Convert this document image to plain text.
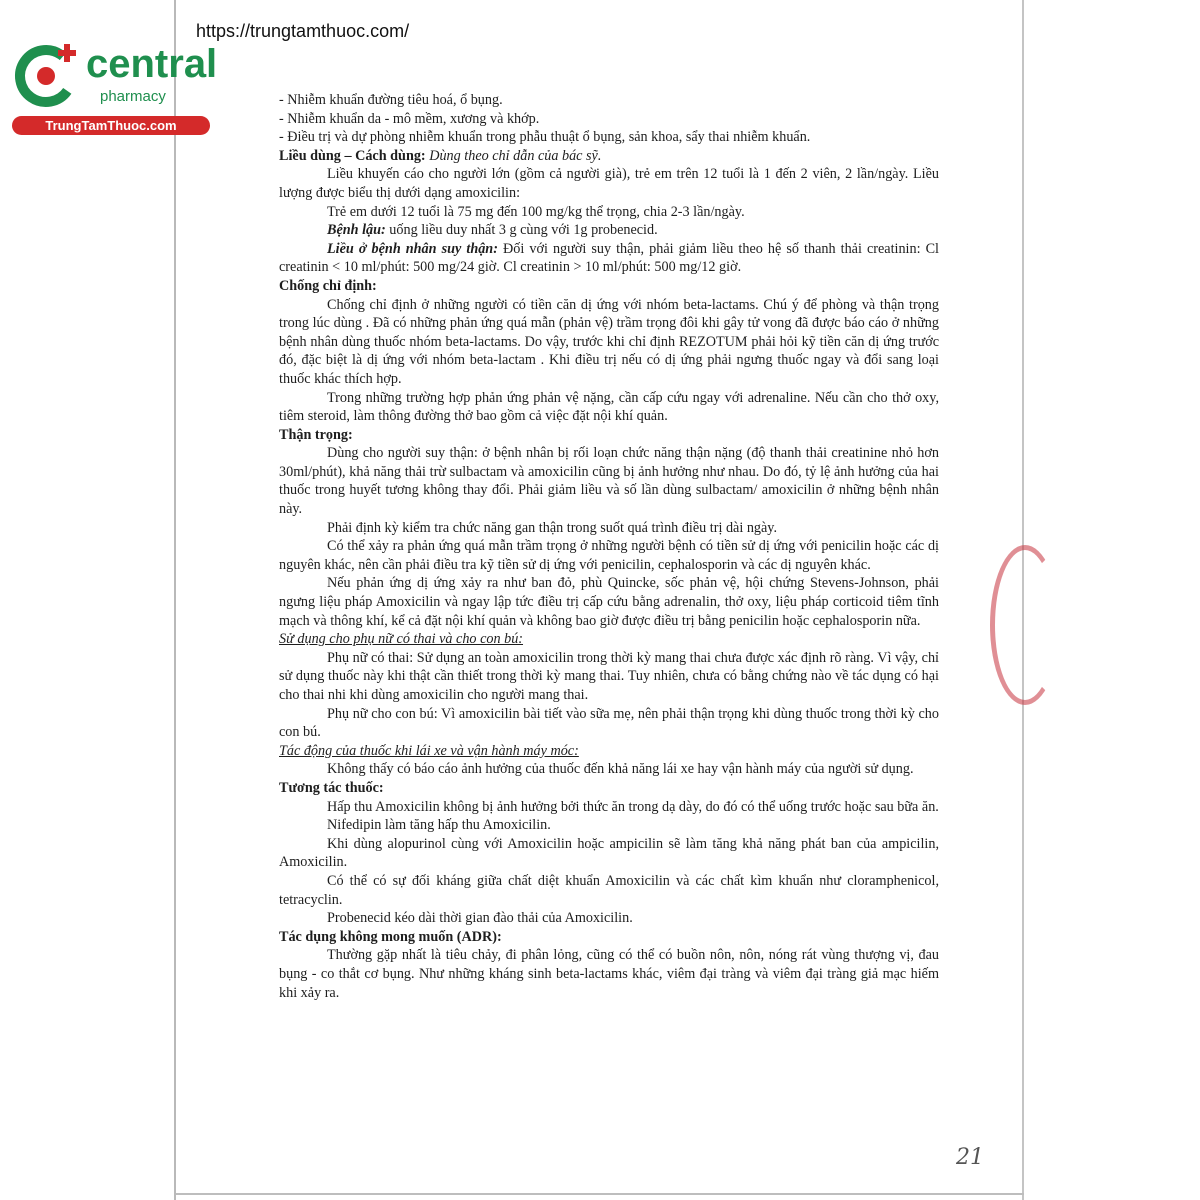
https://trungtamthuoc.com/
central
pharmacy
TrungTamThuoc.com

- Nhiễm khuẩn đường tiêu hoá, ổ bụng.

- Nhiễm khuẩn da - mô mềm, xương và khớp.

- Điều trị và dự phòng nhiễm khuẩn trong phẫu thuật ổ bụng, sản khoa, sẩy thai nhiễm khuẩn.

Liều dùng – Cách dùng: Dùng theo chỉ dẫn của bác sỹ.

Liều khuyến cáo cho người lớn (gồm cả người già), trẻ em trên 12 tuổi là 1 đến 2 viên, 2 lần/ngày. Liều lượng được biểu thị dưới dạng amoxicilin:

Trẻ em dưới 12 tuổi là 75 mg đến 100 mg/kg thể trọng, chia 2-3 lần/ngày.

Bệnh lậu: uống liều duy nhất 3 g cùng với 1g probenecid.

Liều ở bệnh nhân suy thận: Đối với người suy thận, phải giảm liều theo hệ số thanh thải creatinin: Cl creatinin < 10 ml/phút: 500 mg/24 giờ. Cl creatinin > 10 ml/phút: 500 mg/12 giờ.

Chống chỉ định:

Chống chỉ định ở những người có tiền căn dị ứng với nhóm beta-lactams. Chú ý để phòng và thận trọng trong lúc dùng . Đã có những phản ứng quá mẫn (phản vệ) trầm trọng đôi khi gây tử vong đã được báo cáo ở những bệnh nhân dùng thuốc nhóm beta-lactams. Do vậy, trước khi chỉ định REZOTUM phải hỏi kỹ tiền căn dị ứng trước đó, đặc biệt là dị ứng với nhóm beta-lactam . Khi điều trị nếu có dị ứng phải ngưng thuốc ngay và đổi sang loại thuốc khác thích hợp.

Trong những trường hợp phản ứng phản vệ nặng, cần cấp cứu ngay với adrenaline. Nếu cần cho thở oxy, tiêm steroid, làm thông đường thở bao gồm cả việc đặt nội khí quản.

Thận trọng:

Dùng cho người suy thận: ở bệnh nhân bị rối loạn chức năng thận nặng (độ thanh thải creatinine nhỏ hơn 30ml/phút), khả năng thải trừ sulbactam và amoxicilin cũng bị ảnh hưởng như nhau. Do đó, tỷ lệ ảnh hưởng của hai thuốc trong huyết tương không thay đổi. Phải giảm liều và số lần dùng sulbactam/ amoxicilin ở những bệnh nhân này.

Phải định kỳ kiểm tra chức năng gan thận trong suốt quá trình điều trị dài ngày.

Có thể xảy ra phản ứng quá mẫn trầm trọng ở những người bệnh có tiền sử dị ứng với penicilin hoặc các dị nguyên khác, nên cần phải điều tra kỹ tiền sử dị ứng với penicilin, cephalosporin và các dị nguyên khác.

Nếu phản ứng dị ứng xảy ra như ban đỏ, phù Quincke, sốc phản vệ, hội chứng Stevens-Johnson, phải ngưng liệu pháp Amoxicilin và ngay lập tức điều trị cấp cứu bằng adrenalin, thở oxy, liệu pháp corticoid tiêm tĩnh mạch và thông khí, kể cả đặt nội khí quản và không bao giờ được điều trị bằng penicilin hoặc cephalosporin nữa.

Sử dụng cho phụ nữ có thai và cho con bú:

Phụ nữ có thai: Sử dụng an toàn amoxicilin trong thời kỳ mang thai chưa được xác định rõ ràng. Vì vậy, chỉ sử dụng thuốc này khi thật cần thiết trong thời kỳ mang thai. Tuy nhiên, chưa có bằng chứng nào về tác dụng có hại cho thai nhi khi dùng amoxicilin cho người mang thai.

Phụ nữ cho con bú: Vì amoxicilin bài tiết vào sữa mẹ, nên phải thận trọng khi dùng thuốc trong thời kỳ cho con bú.

Tác động của thuốc khi lái xe và vận hành máy móc:

Không thấy có báo cáo ảnh hưởng của thuốc đến khả năng lái xe hay vận hành máy của người sử dụng.

Tương tác thuốc:

Hấp thu Amoxicilin không bị ảnh hưởng bởi thức ăn trong dạ dày, do đó có thể uống trước hoặc sau bữa ăn.

Nifedipin làm tăng hấp thu Amoxicilin.

Khi dùng alopurinol cùng với Amoxicilin hoặc ampicilin sẽ làm tăng khả năng phát ban của ampicilin, Amoxicilin.

Có thể có sự đối kháng giữa chất diệt khuẩn Amoxicilin và các chất kìm khuẩn như cloramphenicol, tetracyclin.

Probenecid kéo dài thời gian đào thải của Amoxicilin.

Tác dụng không mong muốn (ADR):

Thường gặp nhất là tiêu chảy, đi phân lỏng, cũng có thể có buồn nôn, nôn, nóng rát vùng thượng vị, đau bụng - co thắt cơ bụng. Như những kháng sinh beta-lactams khác, viêm đại tràng và viêm đại tràng giả mạc hiếm khi xảy ra.

21
